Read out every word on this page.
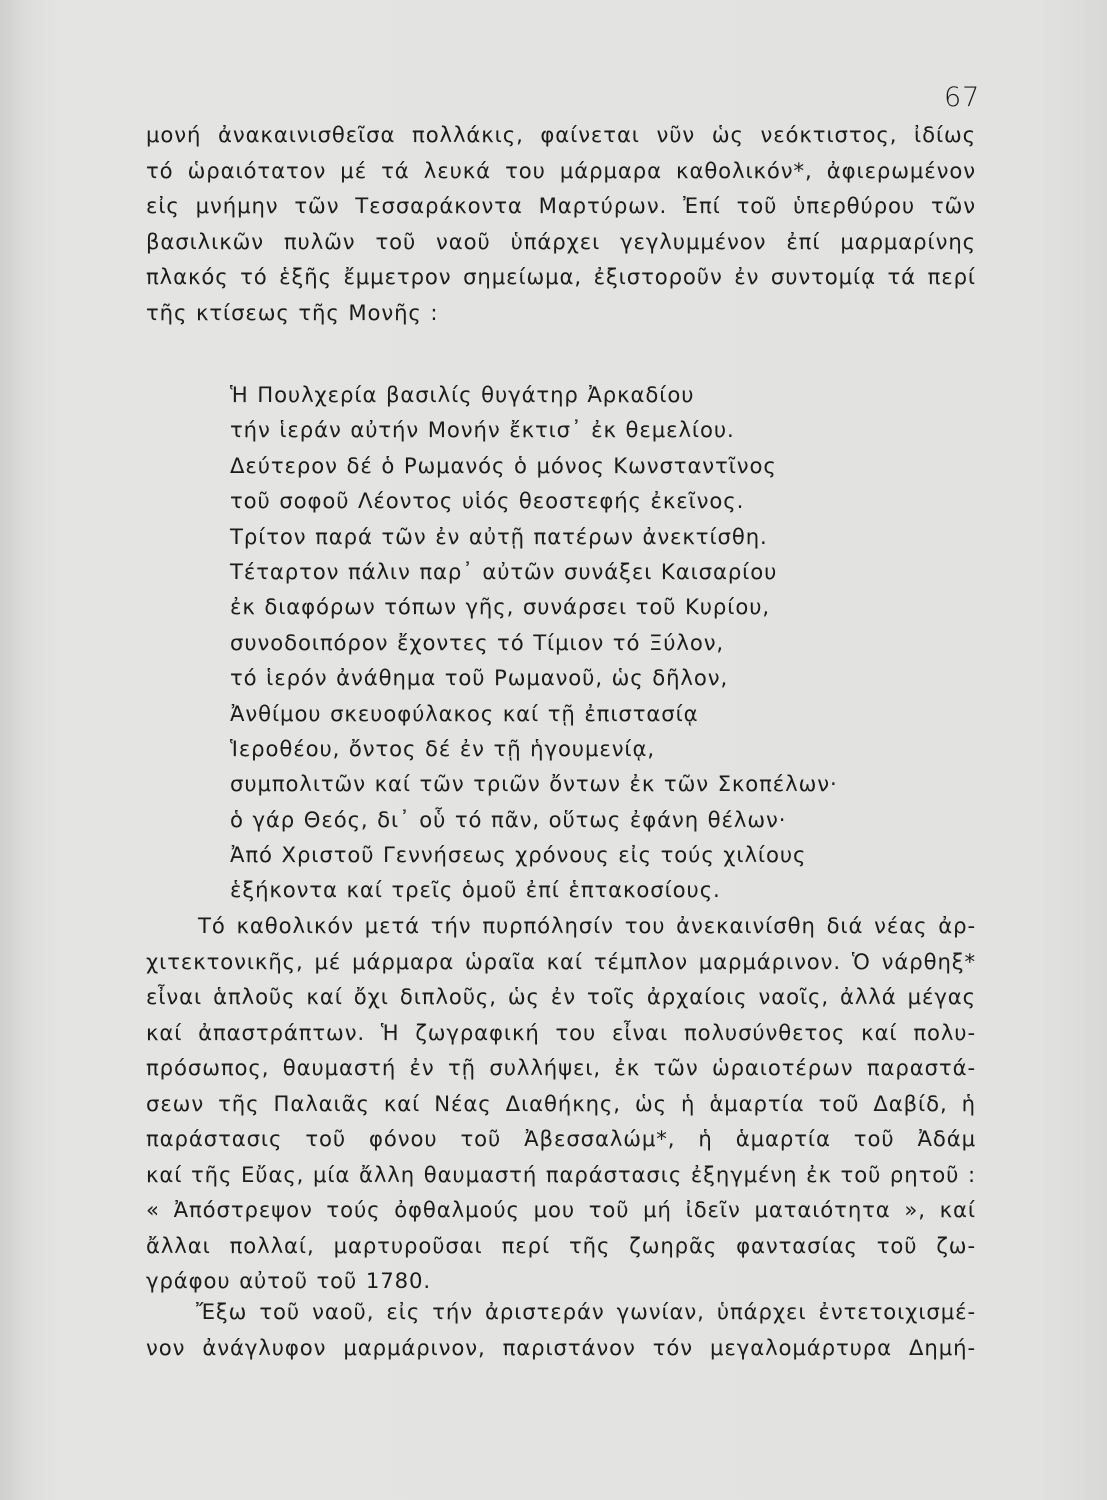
67
μονή ἀνακαινισθεῖσα πολλάκις, φαίνεται νῦν ὡς νεόκτιστος, ἰδίως
τό ὡραιότατον μέ τά λευκά του μάρμαρα καθολικόν*, ἀφιερωμένον
εἰς μνήμην τῶν Τεσσαράκοντα Μαρτύρων. Ἐπί τοῦ ὑπερθύρου τῶν
βασιλικῶν πυλῶν τοῦ ναοῦ ὑπάρχει γεγλυμμένον ἐπί μαρμαρίνης
πλακός τό ἑξῆς ἔμμετρον σημείωμα, ἐξιστοροῦν ἐν συντομίᾳ τά περί
τῆς κτίσεως τῆς Μονῆς :
Ἡ Πουλχερία βασιλίς θυγάτηρ Ἀρκαδίου
τήν ἱεράν αὐτήν Μονήν ἔκτισ᾽ ἐκ θεμελίου.
Δεύτερον δέ ὁ Ρωμανός ὁ μόνος Κωνσταντῖνος
τοῦ σοφοῦ Λέοντος υἱός θεοστεφής ἐκεῖνος.
Τρίτον παρά τῶν ἐν αὐτῇ πατέρων ἀνεκτίσθη.
Τέταρτον πάλιν παρ᾽ αὐτῶν συνάξει Καισαρίου
ἐκ διαφόρων τόπων γῆς, συνάρσει τοῦ Κυρίου,
συνοδοιπόρον ἔχοντες τό Τίμιον τό Ξύλον,
τό ἱερόν ἀνάθημα τοῦ Ρωμανοῦ, ὡς δῆλον,
Ἀνθίμου σκευοφύλακος καί τῇ ἐπιστασίᾳ
Ἱεροθέου, ὄντος δέ ἐν τῇ ἡγουμενίᾳ,
συμπολιτῶν καί τῶν τριῶν ὄντων ἐκ τῶν Σκοπέλων·
ὁ γάρ Θεός, δι᾽ οὗ τό πᾶν, οὕτως ἐφάνη θέλων·
Ἀπό Χριστοῦ Γεννήσεως χρόνους εἰς τούς χιλίους
ἑξήκοντα καί τρεῖς ὁμοῦ ἐπί ἑπτακοσίους.
Τό καθολικόν μετά τήν πυρπόλησίν του ἀνεκαινίσθη διά νέας ἀρ-
χιτεκτονικῆς, μέ μάρμαρα ὡραῖα καί τέμπλον μαρμάρινον. Ὁ νάρθηξ*
εἶναι ἁπλοῦς καί ὄχι διπλοῦς, ὡς ἐν τοῖς ἀρχαίοις ναοῖς, ἀλλά μέγας
καί ἀπαστράπτων. Ἡ ζωγραφική του εἶναι πολυσύνθετος καί πολυ-
πρόσωπος, θαυμαστή ἐν τῇ συλλήψει, ἐκ τῶν ὡραιοτέρων παραστά-
σεων τῆς Παλαιᾶς καί Νέας Διαθήκης, ὡς ἡ ἁμαρτία τοῦ Δαβίδ, ἡ
παράστασις τοῦ φόνου τοῦ Ἀβεσσαλώμ*, ἡ ἁμαρτία τοῦ Ἀδάμ
καί τῆς Εὔας, μία ἄλλη θαυμαστή παράστασις ἐξηγμένη ἐκ τοῦ ρητοῦ :
« Ἀπόστρεψον τούς ὀφθαλμούς μου τοῦ μή ἰδεῖν ματαιότητα », καί
ἄλλαι πολλαί, μαρτυροῦσαι περί τῆς ζωηρᾶς φαντασίας τοῦ ζω-
γράφου αὐτοῦ τοῦ 1780.
Ἔξω τοῦ ναοῦ, εἰς τήν ἀριστεράν γωνίαν, ὑπάρχει ἐντετοιχισμέ-
νον ἀνάγλυφον μαρμάρινον, παριστάνον τόν μεγαλομάρτυρα Δημή-
